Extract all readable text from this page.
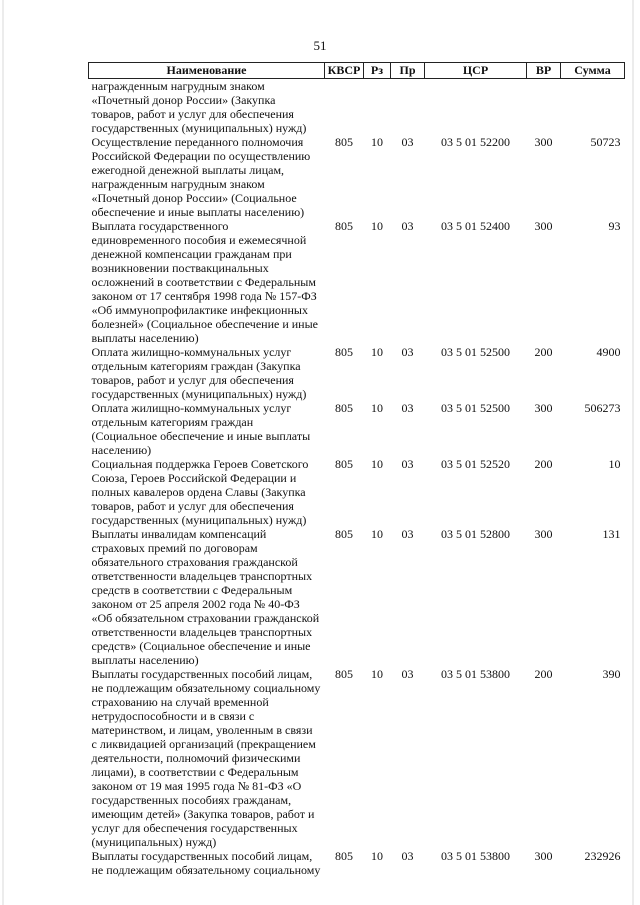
51
Наименование	КВСР	Рз	Пр	ЦСР	ВР	Сумма
награжденным нагрудным знаком «Почетный донор России» (Закупка товаров, работ и услуг для обеспечения государственных (муниципальных) нужд)						
Осуществление переданного полномочия Российской Федерации по осуществлению ежегодной денежной выплаты лицам, награжденным нагрудным знаком «Почетный донор России» (Социальное обеспечение и иные выплаты населению)	805	10	03	03 5 01 52200	300	50723
Выплата государственного единовременного пособия и ежемесячной денежной компенсации гражданам при возникновении поствакцинальных осложнений в соответствии с Федеральным законом от 17 сентября 1998 года № 157-ФЗ «Об иммунопрофилактике инфекционных болезней» (Социальное обеспечение и иные выплаты населению)	805	10	03	03 5 01 52400	300	93
Оплата жилищно-коммунальных услуг отдельным категориям граждан (Закупка товаров, работ и услуг для обеспечения государственных (муниципальных) нужд)	805	10	03	03 5 01 52500	200	4900
Оплата жилищно-коммунальных услуг отдельным категориям граждан (Социальное обеспечение и иные выплаты населению)	805	10	03	03 5 01 52500	300	506273
Социальная поддержка Героев Советского Союза, Героев Российской Федерации и полных кавалеров ордена Славы (Закупка товаров, работ и услуг для обеспечения государственных (муниципальных) нужд)	805	10	03	03 5 01 52520	200	10
Выплаты инвалидам компенсаций страховых премий по договорам обязательного страхования гражданской ответственности владельцев транспортных средств в соответствии с Федеральным законом от 25 апреля 2002 года № 40-ФЗ «Об обязательном страховании гражданской ответственности владельцев транспортных средств» (Социальное обеспечение и иные выплаты населению)	805	10	03	03 5 01 52800	300	131
Выплаты государственных пособий лицам, не подлежащим обязательному социальному страхованию на случай временной нетрудоспособности и в связи с материнством, и лицам, уволенным в связи с ликвидацией организаций (прекращением деятельности, полномочий физическими лицами), в соответствии с Федеральным законом от 19 мая 1995 года № 81-ФЗ «О государственных пособиях гражданам, имеющим детей» (Закупка товаров, работ и услуг для обеспечения государственных (муниципальных) нужд)	805	10	03	03 5 01 53800	200	390
Выплаты государственных пособий лицам, не подлежащим обязательному социальному	805	10	03	03 5 01 53800	300	232926
